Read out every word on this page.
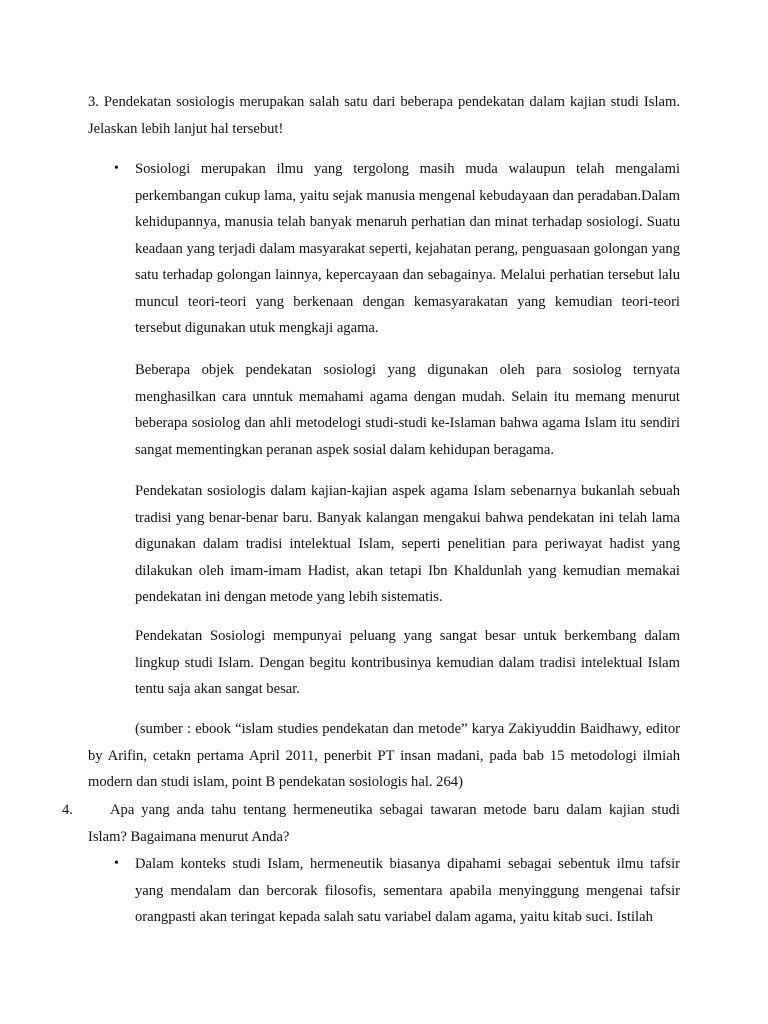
3. Pendekatan sosiologis merupakan salah satu dari beberapa pendekatan dalam kajian studi Islam. Jelaskan lebih lanjut hal tersebut!

• Sosiologi merupakan ilmu yang tergolong masih muda walaupun telah mengalami perkembangan cukup lama, yaitu sejak manusia mengenal kebudayaan dan peradaban.Dalam kehidupannya, manusia telah banyak menaruh perhatian dan minat terhadap sosiologi. Suatu keadaan yang terjadi dalam masyarakat seperti, kejahatan perang, penguasaan golongan yang satu terhadap golongan lainnya, kepercayaan dan sebagainya. Melalui perhatian tersebut lalu muncul teori-teori yang berkenaan dengan kemasyarakatan yang kemudian teori-teori tersebut digunakan utuk mengkaji agama.

Beberapa objek pendekatan sosiologi yang digunakan oleh para sosiolog ternyata menghasilkan cara unntuk memahami agama dengan mudah. Selain itu memang menurut beberapa sosiolog dan ahli metodelogi studi-studi ke-Islaman bahwa agama Islam itu sendiri sangat mementingkan peranan aspek sosial dalam kehidupan beragama.

Pendekatan sosiologis dalam kajian-kajian aspek agama Islam sebenarnya bukanlah sebuah tradisi yang benar-benar baru. Banyak kalangan mengakui bahwa pendekatan ini telah lama digunakan dalam tradisi intelektual Islam, seperti penelitian para periwayat hadist yang dilakukan oleh imam-imam Hadist, akan tetapi Ibn Khaldunlah yang kemudian memakai pendekatan ini dengan metode yang lebih sistematis.

Pendekatan Sosiologi mempunyai peluang yang sangat besar untuk berkembang dalam lingkup studi Islam. Dengan begitu kontribusinya kemudian dalam tradisi intelektual Islam tentu saja akan sangat besar.

(sumber : ebook “islam studies pendekatan dan metode” karya Zakiyuddin Baidhawy, editor by Arifin, cetakn pertama April 2011, penerbit PT insan madani, pada bab 15 metodologi ilmiah modern dan studi islam, point B pendekatan sosiologis hal. 264)

4.	Apa yang anda tahu tentang hermeneutika sebagai tawaran metode baru dalam kajian studi Islam? Bagaimana menurut Anda?

• Dalam konteks studi Islam, hermeneutik biasanya dipahami sebagai sebentuk ilmu tafsir yang mendalam dan bercorak filosofis, sementara apabila menyinggung mengenai tafsir orangpasti akan teringat kepada salah satu variabel dalam agama, yaitu kitab suci. Istilah
